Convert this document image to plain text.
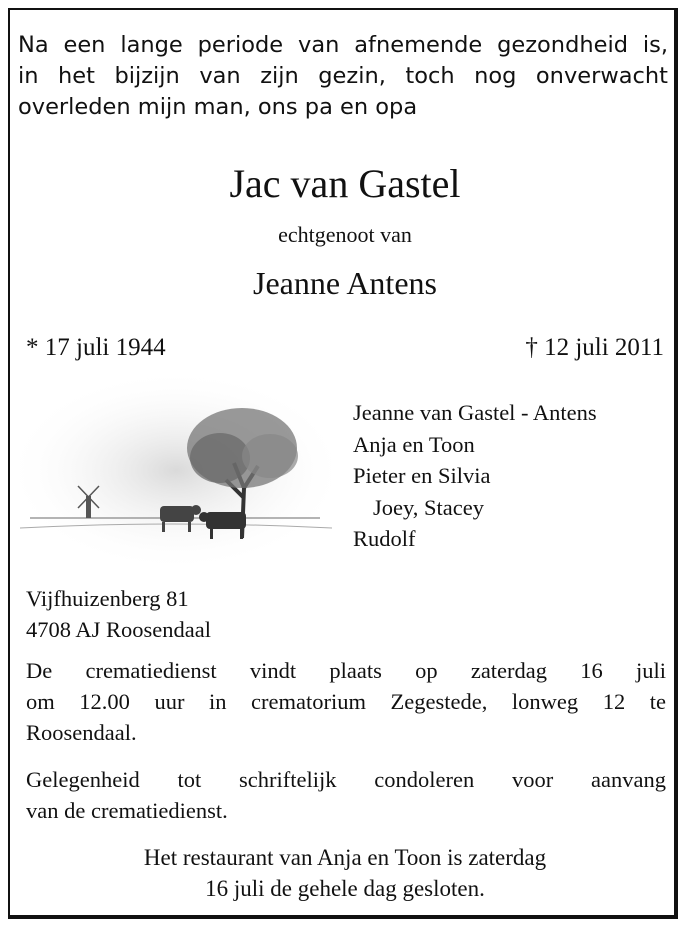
Na een lange periode van afnemende gezondheid is,
in het bijzijn van zijn gezin, toch nog onverwacht
overleden mijn man, ons pa en opa
Jac van Gastel
echtgenoot van
Jeanne Antens
* 17 juli 1944	† 12 juli 2011
Jeanne van Gastel - Antens
Anja en Toon
Pieter en Silvia
Joey, Stacey
Rudolf
Vijfhuizenberg 81
4708 AJ Roosendaal
De crematiedienst vindt plaats op zaterdag 16 juli
om 12.00 uur in crematorium Zegestede, lonweg 12 te
Roosendaal.
Gelegenheid tot schriftelijk condoleren voor aanvang
van de crematiedienst.
Het restaurant van Anja en Toon is zaterdag
16 juli de gehele dag gesloten.
